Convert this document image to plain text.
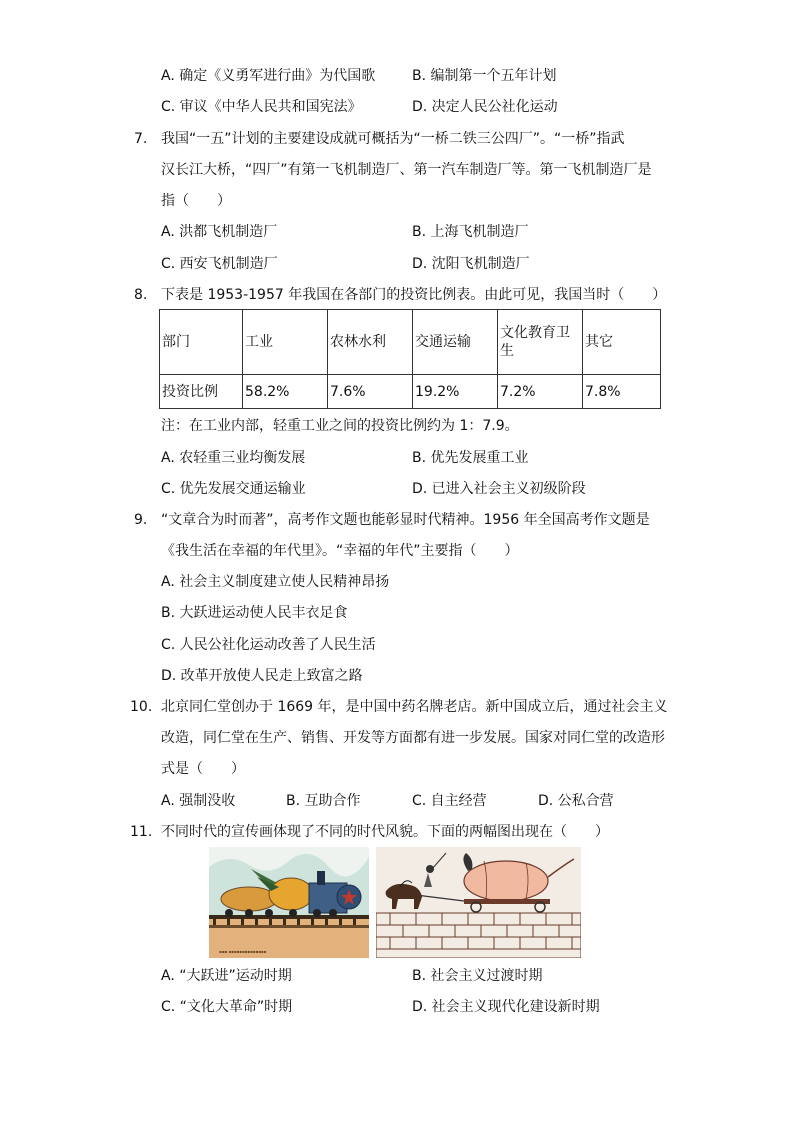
A. 确定《义勇军进行曲》为代国歌	B. 编制第一个五年计划
C. 审议《中华人民共和国宪法》	D. 决定人民公社化运动
7. 我国“一五”计划的主要建设成就可概括为“一桥二铁三公四厂”。“一桥”指武
汉长江大桥，“四厂”有第一飞机制造厂、第一汽车制造厂等。第一飞机制造厂是
指（　　）
A. 洪都飞机制造厂	B. 上海飞机制造厂
C. 西安飞机制造厂	D. 沈阳飞机制造厂
8. 下表是 1953-1957 年我国在各部门的投资比例表。由此可见，我国当时（　　）
部门	工业	农林水利	交通运输	文化教育卫生	其它
投资比例	58.2%	7.6%	19.2%	7.2%	7.8%
注：在工业内部，轻重工业之间的投资比例约为 1：7.9。
A. 农轻重三业均衡发展	B. 优先发展重工业
C. 优先发展交通运输业	D. 已进入社会主义初级阶段
9. “文章合为时而著”，高考作文题也能彰显时代精神。1956 年全国高考作文题是
《我生活在幸福的年代里》。“幸福的年代”主要指（　　）
A. 社会主义制度建立使人民精神昂扬
B. 大跃进运动使人民丰衣足食
C. 人民公社化运动改善了人民生活
D. 改革开放使人民走上致富之路
10. 北京同仁堂创办于 1669 年，是中国中药名牌老店。新中国成立后，通过社会主义
改造，同仁堂在生产、销售、开发等方面都有进一步发展。国家对同仁堂的改造形
式是（　　）
A. 强制没收	B. 互助合作	C. 自主经营	D. 公私合营
11. 不同时代的宣传画体现了不同的时代风貌。下面的两幅图出现在（　　）
▪▪▪ ▪▪▪▪▪▪▪▪▪▪▪▪▪▪
A. “大跃进”运动时期	B. 社会主义过渡时期
C. “文化大革命”时期	D. 社会主义现代化建设新时期
